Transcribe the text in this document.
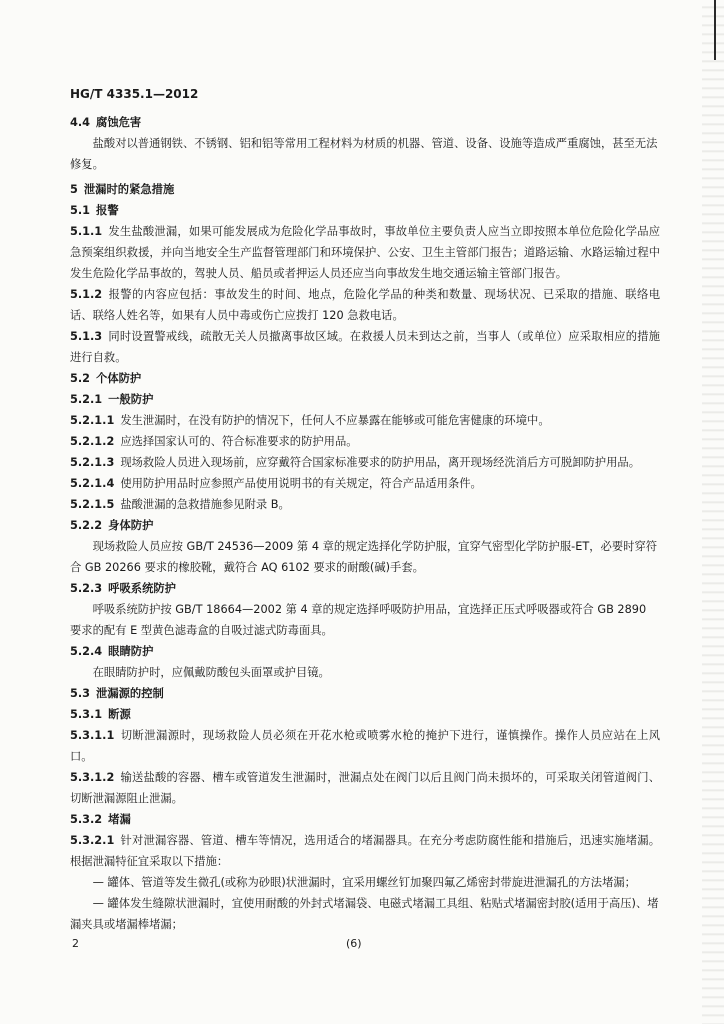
HG/T 4335.1—2012

4.4 腐蚀危害

盐酸对以普通钢铁、不锈钢、铝和铝等常用工程材料为材质的机器、管道、设备、设施等造成严重腐蚀，甚至无法修复。

5 泄漏时的紧急措施

5.1 报警

5.1.1 发生盐酸泄漏，如果可能发展成为危险化学品事故时，事故单位主要负责人应当立即按照本单位危险化学品应急预案组织救援，并向当地安全生产监督管理部门和环境保护、公安、卫生主管部门报告；道路运输、水路运输过程中发生危险化学品事故的，驾驶人员、船员或者押运人员还应当向事故发生地交通运输主管部门报告。

5.1.2 报警的内容应包括：事故发生的时间、地点，危险化学品的种类和数量、现场状况、已采取的措施、联络电话、联络人姓名等，如果有人员中毒或伤亡应拨打 120 急救电话。

5.1.3 同时设置警戒线，疏散无关人员撤离事故区域。在救援人员未到达之前，当事人（或单位）应采取相应的措施进行自救。

5.2 个体防护

5.2.1 一般防护

5.2.1.1 发生泄漏时，在没有防护的情况下，任何人不应暴露在能够或可能危害健康的环境中。

5.2.1.2 应选择国家认可的、符合标准要求的防护用品。

5.2.1.3 现场救险人员进入现场前，应穿戴符合国家标准要求的防护用品，离开现场经洗消后方可脱卸防护用品。

5.2.1.4 使用防护用品时应参照产品使用说明书的有关规定，符合产品适用条件。

5.2.1.5 盐酸泄漏的急救措施参见附录 B。

5.2.2 身体防护

现场救险人员应按 GB/T 24536—2009 第 4 章的规定选择化学防护服，宜穿气密型化学防护服-ET，必要时穿符合 GB 20266 要求的橡胶靴，戴符合 AQ 6102 要求的耐酸(碱)手套。

5.2.3 呼吸系统防护

呼吸系统防护按 GB/T 18664—2002 第 4 章的规定选择呼吸防护用品，宜选择正压式呼吸器或符合 GB 2890 要求的配有 E 型黄色滤毒盒的自吸过滤式防毒面具。

5.2.4 眼睛防护

在眼睛防护时，应佩戴防酸包头面罩或护目镜。

5.3 泄漏源的控制

5.3.1 断源

5.3.1.1 切断泄漏源时，现场救险人员必须在开花水枪或喷雾水枪的掩护下进行，谨慎操作。操作人员应站在上风口。

5.3.1.2 输送盐酸的容器、槽车或管道发生泄漏时，泄漏点处在阀门以后且阀门尚未损坏的，可采取关闭管道阀门、切断泄漏源阻止泄漏。

5.3.2 堵漏

5.3.2.1 针对泄漏容器、管道、槽车等情况，选用适合的堵漏器具。在充分考虑防腐性能和措施后，迅速实施堵漏。根据泄漏特征宜采取以下措施：

— 罐体、管道等发生微孔(或称为砂眼)状泄漏时，宜采用螺丝钉加聚四氟乙烯密封带旋进泄漏孔的方法堵漏；

— 罐体发生缝隙状泄漏时，宜使用耐酸的外封式堵漏袋、电磁式堵漏工具组、粘贴式堵漏密封胶(适用于高压)、堵漏夹具或堵漏棒堵漏；

2	(6)
